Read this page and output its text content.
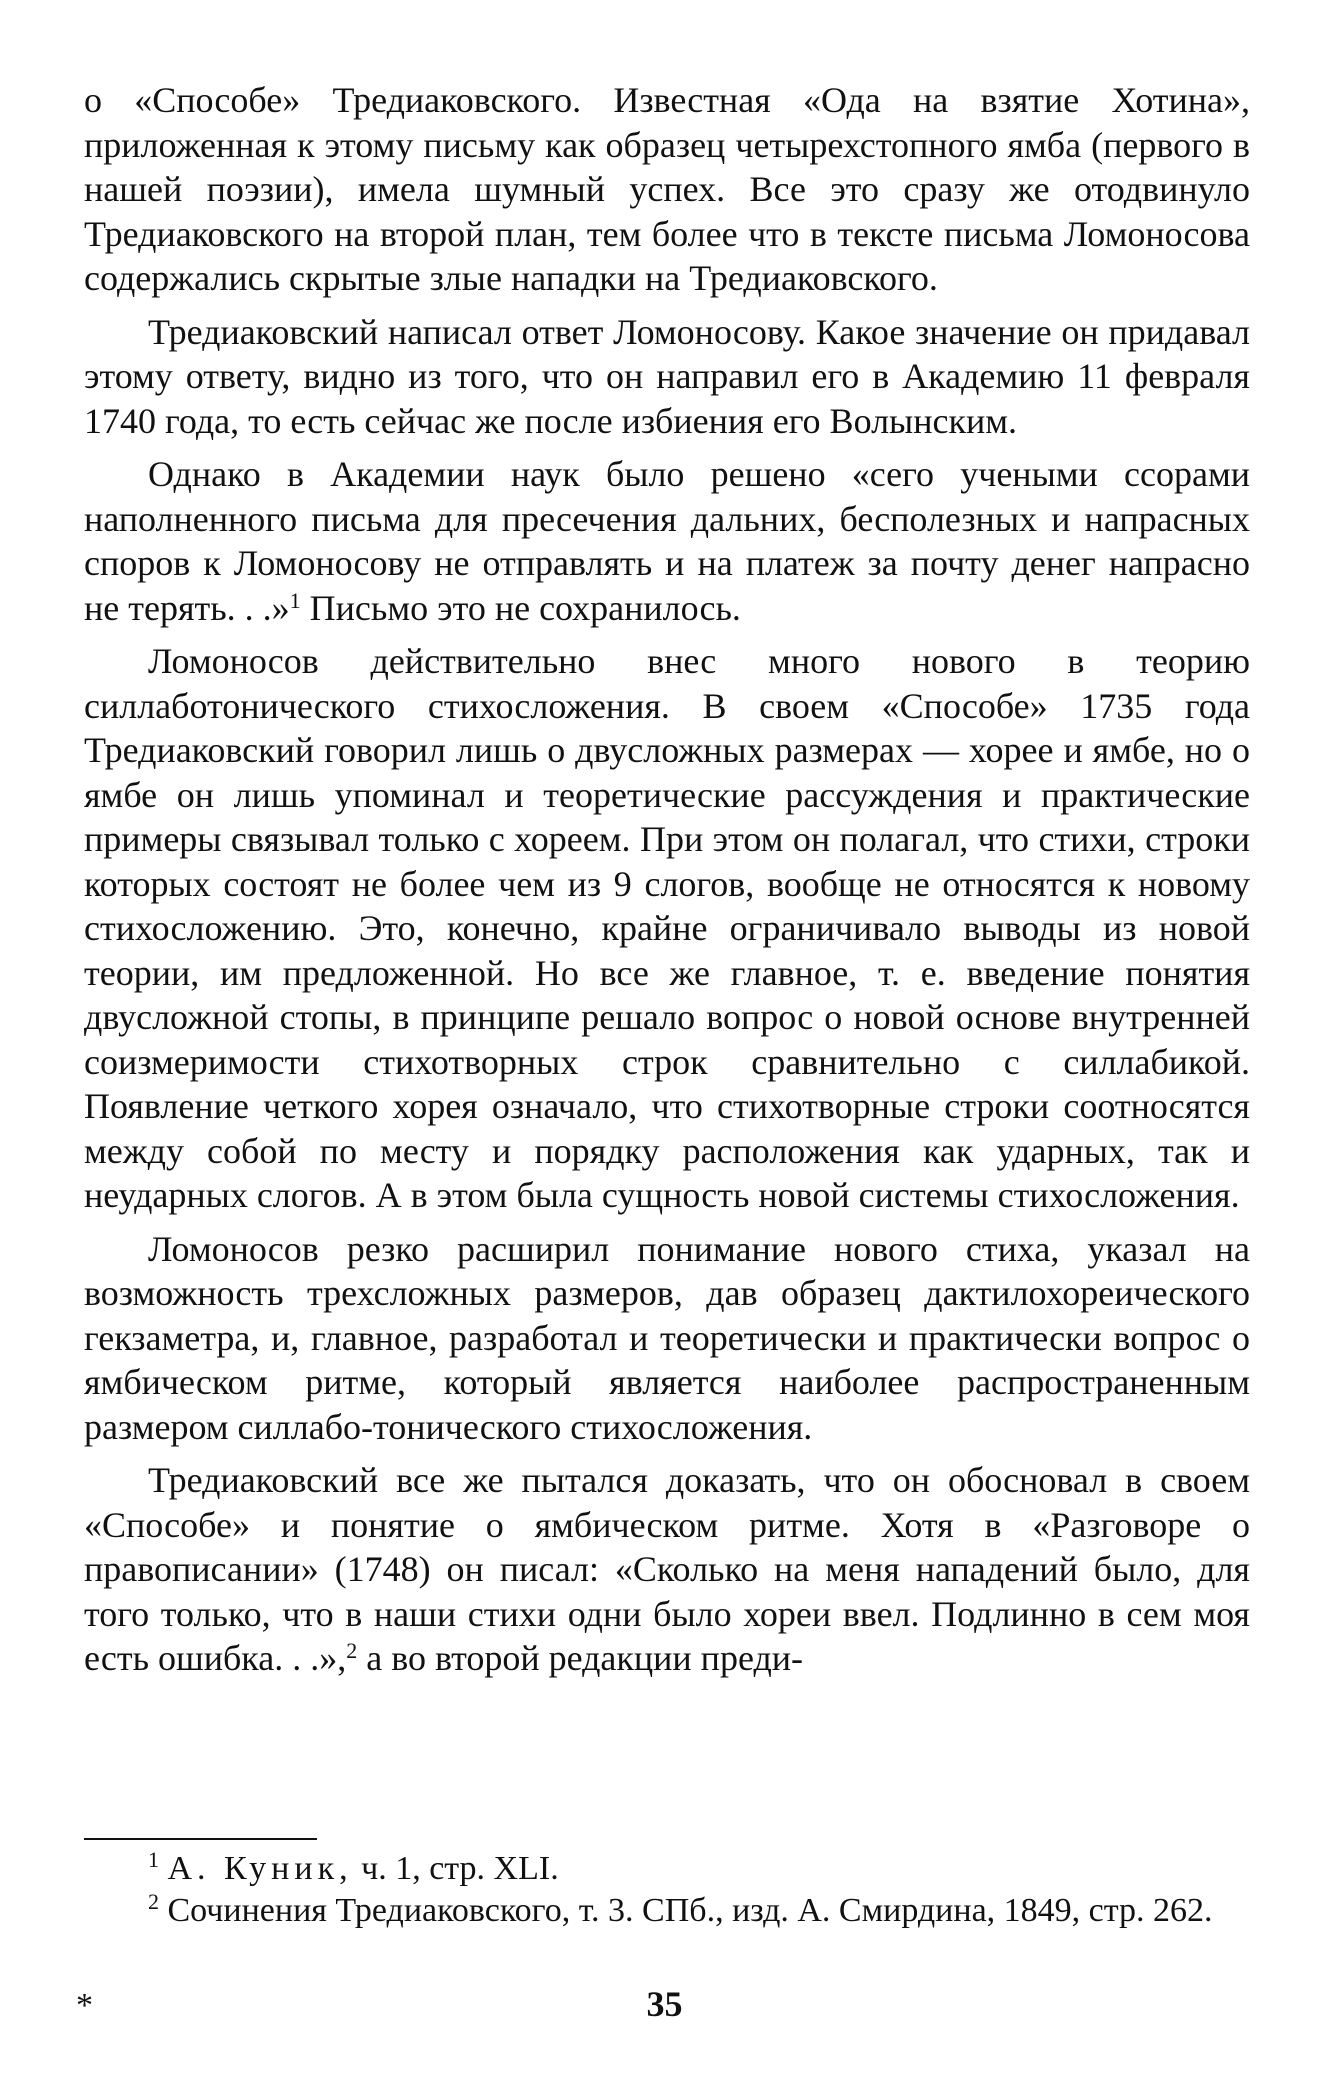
о «Способе» Тредиаковского. Известная «Ода на взятие Хотина», приложенная к этому письму как образец четырехстопного ямба (первого в нашей поэзии), имела шумный успех. Все это сразу же отодвинуло Тредиаковского на второй план, тем более что в тексте письма Ломоносова содержались скрытые злые нападки на Тредиаковского.

Тредиаковский написал ответ Ломоносову. Какое значение он придавал этому ответу, видно из того, что он направил его в Академию 11 февраля 1740 года, то есть сейчас же после избиения его Волынским.

Однако в Академии наук было решено «сего учеными ссорами наполненного письма для пресечения дальних, бесполезных и напрасных споров к Ломоносову не отправлять и на платеж за почту денег напрасно не терять. . .»$^1$ Письмо это не сохранилось.

Ломоносов действительно внес много нового в теорию силлаботонического стихосложения. В своем «Способе» 1735 года Тредиаковский говорил лишь о двусложных размерах — хорее и ямбе, но о ямбе он лишь упоминал и теоретические рассуждения и практические примеры связывал только с хореем. При этом он полагал, что стихи, строки которых состоят не более чем из 9 слогов, вообще не относятся к новому стихосложению. Это, конечно, крайне ограничивало выводы из новой теории, им предложенной. Но все же главное, т. е. введение понятия двусложной стопы, в принципе решало вопрос о новой основе внутренней соизмеримости стихотворных строк сравнительно с силлабикой. Появление четкого хорея означало, что стихотворные строки соотносятся между собой по месту и порядку расположения как ударных, так и неударных слогов. А в этом была сущность новой системы стихосложения.

Ломоносов резко расширил понимание нового стиха, указал на возможность трехсложных размеров, дав образец дактилохореического гекзаметра, и, главное, разработал и теоретически и практически вопрос о ямбическом ритме, который является наиболее распространенным размером силлабо-тонического стихосложения.

Тредиаковский все же пытался доказать, что он обосновал в своем «Способе» и понятие о ямбическом ритме. Хотя в «Разговоре о правописании» (1748) он писал: «Сколько на меня нападений было, для того только, что в наши стихи одни было хореи ввел. Подлинно в сем моя есть ошибка. . .»,$^2$ а во второй редакции преди-

$^1$ А. Куник, ч. 1, стр. XLI.

$^2$ Сочинения Тредиаковского, т. 3. СПб., изд. А. Смирдина, 1849, стр. 262.

*	35
